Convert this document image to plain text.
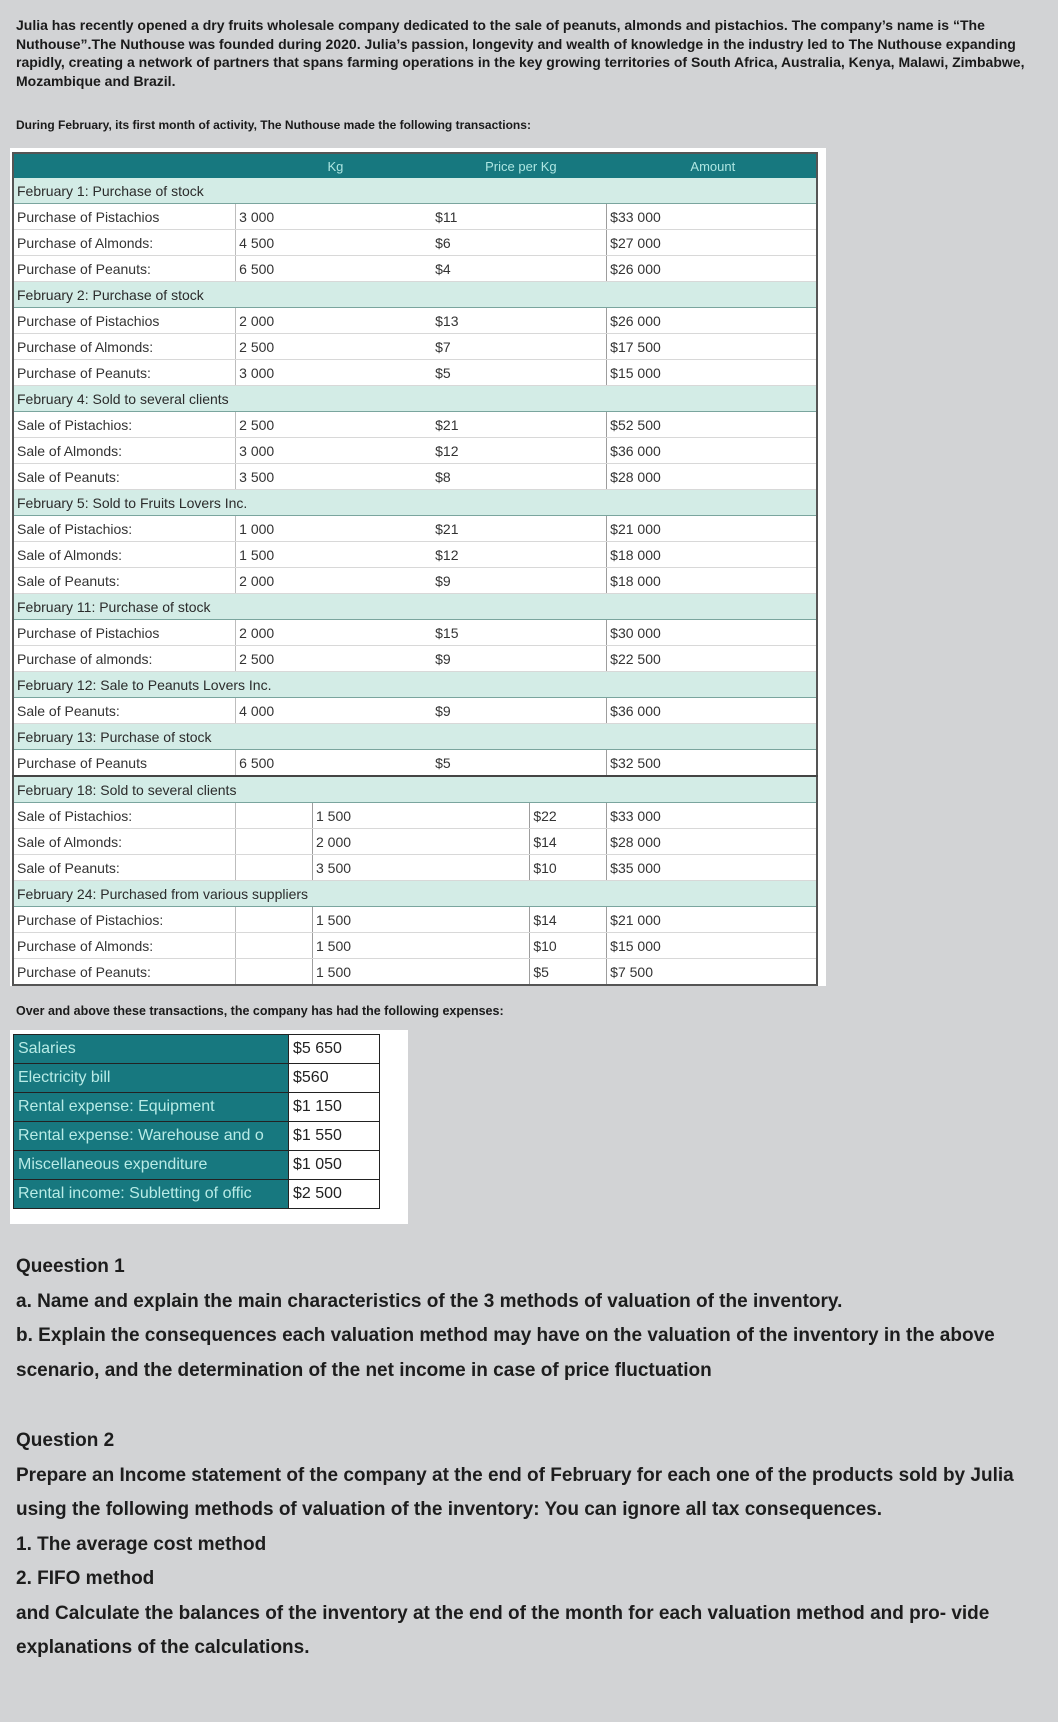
Julia has recently opened a dry fruits wholesale company dedicated to the sale of peanuts, almonds and pistachios. The company’s name is “The Nuthouse”.The Nuthouse was founded during 2020. Julia’s passion, longevity and wealth of knowledge in the industry led to The Nuthouse expanding rapidly, creating a network of partners that spans farming operations in the key growing territories of South Africa, Australia, Kenya, Malawi, Zimbabwe, Mozambique and Brazil.
During February, its first month of activity, The Nuthouse made the following transactions:
	Kg		Price per Kg		Amount
February 1: Purchase of stock					
Purchase of Pistachios	3 000		$11		$33 000
Purchase of Almonds:	4 500		$6		$27 000
Purchase of Peanuts:	6 500		$4		$26 000
February 2: Purchase of stock					
Purchase of Pistachios	2 000		$13		$26 000
Purchase of Almonds:	2 500		$7		$17 500
Purchase of Peanuts:	3 000		$5		$15 000
February 4: Sold to several clients					
Sale of Pistachios:	2 500		$21		$52 500
Sale of Almonds:	3 000		$12		$36 000
Sale of Peanuts:	3 500		$8		$28 000
February 5: Sold to Fruits Lovers Inc.					
Sale of Pistachios:	1 000		$21		$21 000
Sale of Almonds:	1 500		$12		$18 000
Sale of Peanuts:	2 000		$9		$18 000
February 11: Purchase of stock					
Purchase of Pistachios	2 000		$15		$30 000
Purchase of almonds:	2 500		$9		$22 500
February 12: Sale to Peanuts Lovers Inc.					
Sale of Peanuts:	4 000		$9		$36 000
February 13: Purchase of stock					
Purchase of Peanuts	6 500		$5		$32 500
February 18: Sold to several clients					
Sale of Pistachios:		1 500		$22	$33 000
Sale of Almonds:		2 000		$14	$28 000
Sale of Peanuts:		3 500		$10	$35 000
February 24: Purchased from various suppliers					
Purchase of Pistachios:		1 500		$14	$21 000
Purchase of Almonds:		1 500		$10	$15 000
Purchase of Peanuts:		1 500		$5	$7 500
Over and above these transactions, the company has had the following expenses:
Salaries	$5 650
Electricity bill	$560
Rental expense: Equipment	$1 150
Rental expense: Warehouse and o	$1 550
Miscellaneous expenditure	$1 050
Rental income: Subletting of offic	$2 500

Queestion 1

a. Name and explain the main characteristics of the 3 methods of valuation of the inventory.

b. Explain the consequences each valuation method may have on the valuation of the inventory in the above scenario, and the determination of the net income in case of price fluctuation

Question 2

Prepare an Income statement of the company at the end of February for each one of the products sold by Julia using the following methods of valuation of the inventory: You can ignore all tax consequences.

1. The average cost method

2. FIFO method

and Calculate the balances of the inventory at the end of the month for each valuation method and pro- vide explanations of the calculations.
